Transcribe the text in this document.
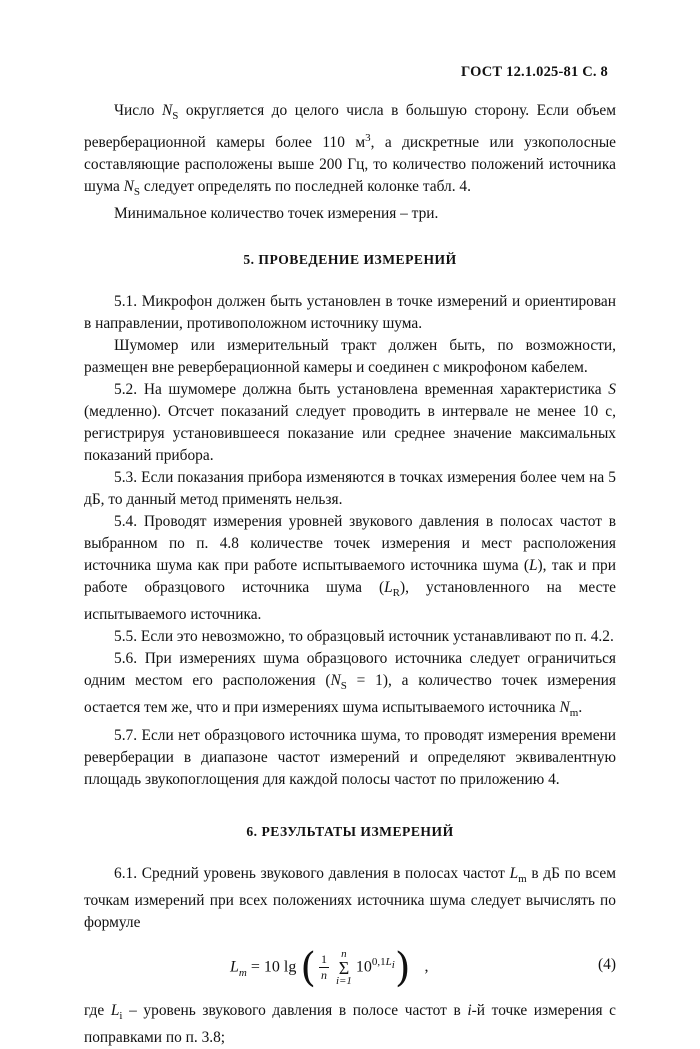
ГОСТ 12.1.025-81 С. 8

Число $N_S$ округляется до целого числа в большую сторону. Если объем реверберационной камеры более 110 $м^3$, а дискретные или узкополосные составляющие расположены выше 200 Гц, то количество положений источника шума $N_S$ следует определять по последней колонке табл. 4.

Минимальное количество точек измерения – три.

5. ПРОВЕДЕНИЕ ИЗМЕРЕНИЙ

5.1. Микрофон должен быть установлен в точке измерений и ориентирован в направлении, противоположном источнику шума.

Шумомер или измерительный тракт должен быть, по возможности, размещен вне реверберационной камеры и соединен с микрофоном кабелем.

5.2. На шумомере должна быть установлена временная характеристика S (медленно). Отсчет показаний следует проводить в интервале не менее 10 с, регистрируя установившееся показание или среднее значение максимальных показаний прибора.

5.3. Если показания прибора изменяются в точках измерения более чем на 5 дБ, то данный метод применять нельзя.

5.4. Проводят измерения уровней звукового давления в полосах частот в выбранном по п. 4.8 количестве точек измерения и мест расположения источника шума как при работе испытываемого источника шума (L), так и при работе образцового источника шума $(L_R)$, установленного на месте испытываемого источника.

5.5. Если это невозможно, то образцовый источник устанавливают по п. 4.2.

5.6. При измерениях шума образцового источника следует ограничиться одним местом его расположения $(N_S = 1)$, а количество точек измерения остается тем же, что и при измерениях шума испытываемого источника $N_m$.

5.7. Если нет образцового источника шума, то проводят измерения времени реверберации в диапазоне частот измерений и определяют эквивалентную площадь звукопоглощения для каждой полосы частот по приложению 4.

6. РЕЗУЛЬТАТЫ ИЗМЕРЕНИЙ

6.1. Средний уровень звукового давления в полосах частот $L_m$ в дБ по всем точкам измерений при всех положениях источника шума следует вычислять по формуле

$L_m = 10$ lg ( $\frac{1}{n}$ n
Σ
$i=110^{0,1L_i}$) ,	(4)

где $L_i$ – уровень звукового давления в полосе частот в i-й точке измерения с поправками по п. 3.8;
